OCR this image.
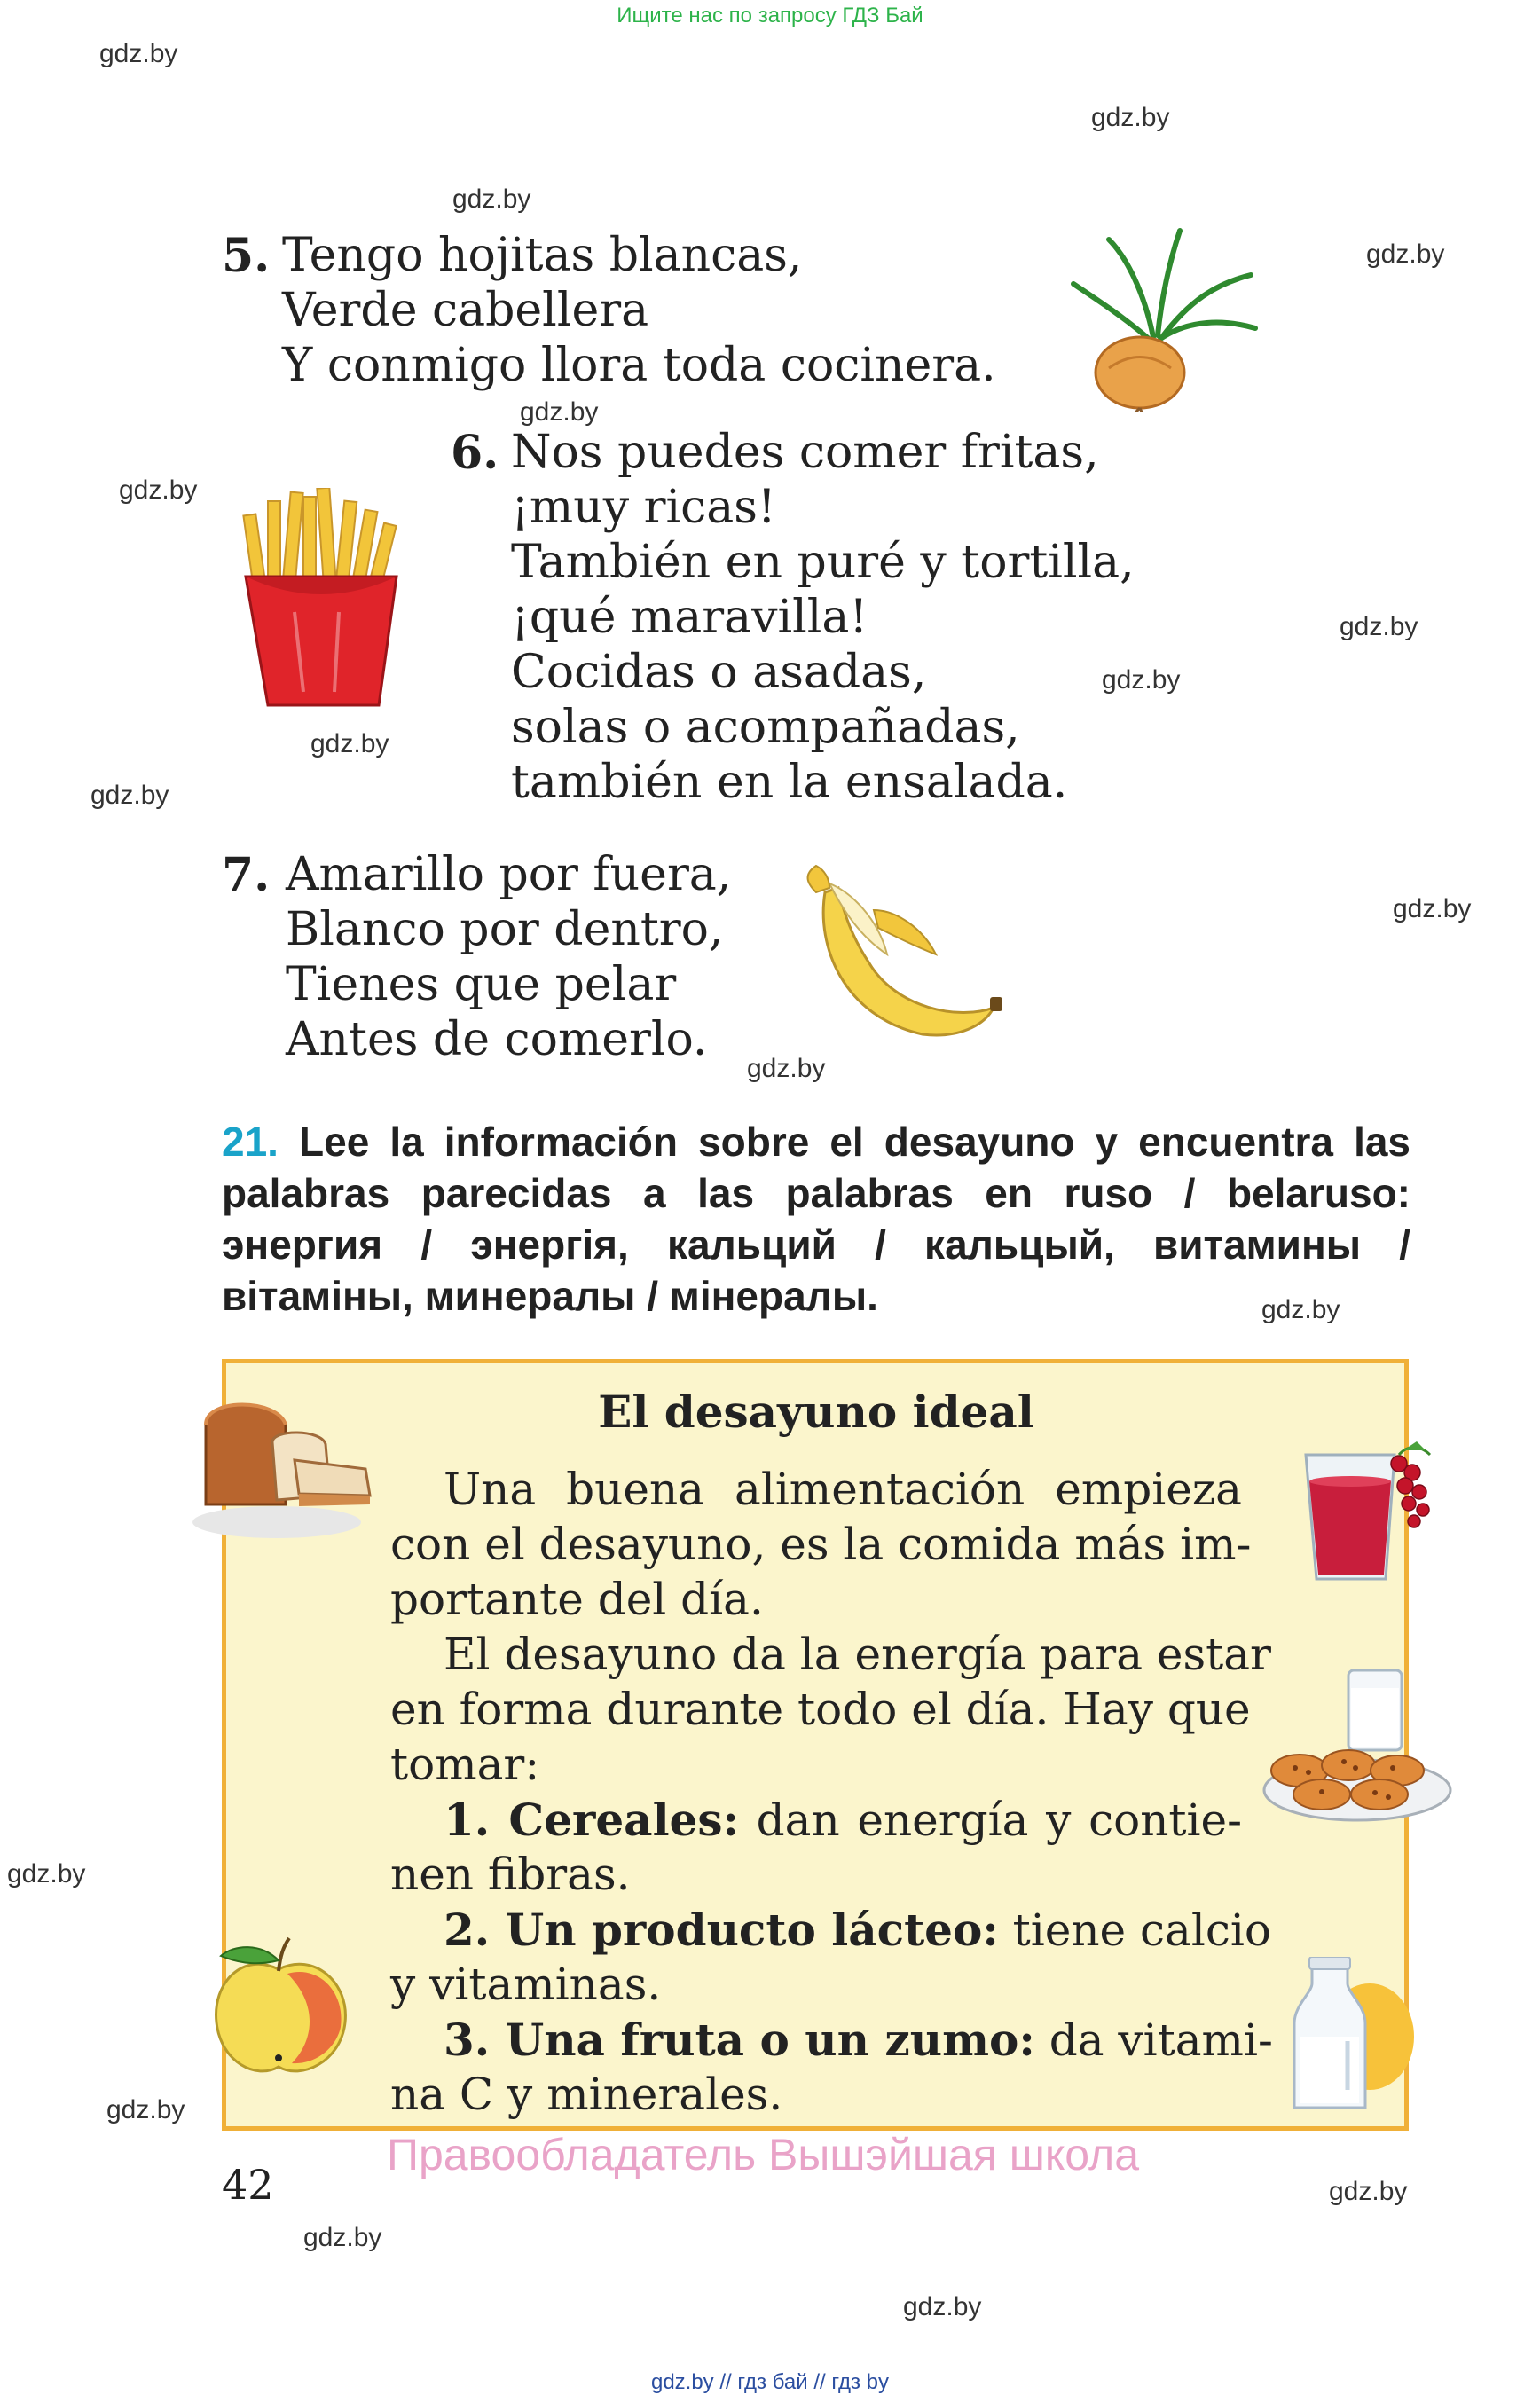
Ищите нас по запросу ГДЗ Бай
gdz.by
gdz.by
gdz.by
gdz.by
gdz.by
gdz.by
gdz.by
gdz.by
gdz.by
gdz.by
gdz.by
gdz.by
gdz.by
gdz.by
gdz.by
gdz.by
gdz.by
gdz.by
5. Tengo hojitas blancas,
Verde cabellera
Y conmigo llora toda cocinera.
6. Nos puedes comer fritas,
¡muy ricas!
También en puré y tortilla,
¡qué maravilla!
Cocidas o asadas,
solas o acompañadas,
también en la ensalada.
7. Amarillo por fuera,
Blanco por dentro,
Tienes que pelar
Antes de comerlo.
21. Lee la información sobre el desayuno y encuentra las palabras parecidas a las palabras en ruso / belaruso: энергия / энергія, кальций / кальцый, витамины / вітаміны, минералы / мінералы.
El desayuno ideal
Una buena alimentación empieza
con el desayuno, es la comida más im-
portante del día.
El desayuno da la energía para estar
en forma durante todo el día. Hay que
tomar:
1. Cereales: dan energía y contie-
nen fibras.
2. Un producto lácteo: tiene calcio
y vitaminas.
3. Una fruta o un zumo: da vitami-
na C y minerales.
42
Правообладатель Вышэйшая школа
gdz.by // гдз бай // гдз by
